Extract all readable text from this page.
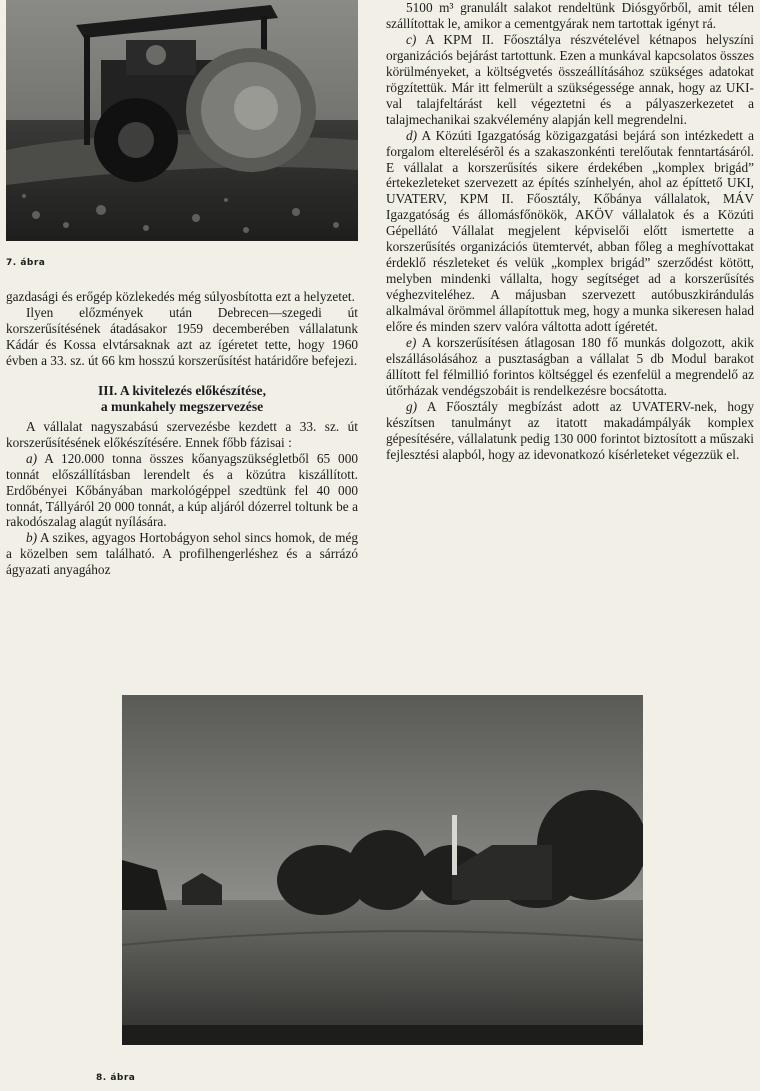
7. ábra

gazdasági és erőgép közlekedés még súlyosbította ezt a helyzetet.

Ilyen előzmények után Debrecen—szegedi út korszerűsítésének átadásakor 1959 decemberében vállalatunk Kádár és Kossa elvtársaknak azt az ígéretet tette, hogy 1960 évben a 33. sz. út 66 km hosszú korszerűsítést határidőre befejezi.

III. A kivitelezés előkészítése,
a munkahely megszervezése

A vállalat nagyszabású szervezésbe kezdett a 33. sz. út korszerűsítésének előkészítésére. Ennek főbb fázisai :

a) A 120.000 tonna összes kőanyagszükségletből 65 000 tonnát előszállításban lerendelt és a közútra kiszállított. Erdőbényei Kőbányában markológéppel szedtünk fel 40 000 tonnát, Tállyáról 20 000 tonnát, a kúp aljáról dózerrel toltunk be a rakodószalag alagút nyílására.

b) A szikes, agyagos Hortobágyon sehol sincs homok, de még a közelben sem található. A profilhengerléshez és a sárrázó ágyazati anyagához

5100 m³ granulált salakot rendeltünk Diósgyőrből, amit télen szállítottak le, amikor a cementgyárak nem tartottak igényt rá.

c) A KPM II. Főosztálya részvételével kétnapos helyszíni organizációs bejárást tartottunk. Ezen a munkával kapcsolatos összes körülményeket, a költségvetés összeállításához szükséges adatokat rögzítettük. Már itt felmerült a szükségessége annak, hogy az UKI-val talajfeltárást kell végeztetni és a pályaszerkezetet a talajmechanikai szakvélemény alapján kell megrendelni.

d) A Közúti Igazgatóság közigazgatási bejárá son intézkedett a forgalom elterelésérõl és a szakaszonkénti terelőutak fenntartásáról. E vállalat a korszerűsítés sikere érdekében „komplex brigád” értekezleteket szervezett az építés színhelyén, ahol az építtető UKI, UVATERV, KPM II. Főosztály, Kőbánya vállalatok, MÁV Igazgatóság és állomásfőnökök, AKÖV vállalatok és a Közúti Gépellátó Vállalat megjelent képviselői előtt ismertette a korszerűsítés organizációs ütemtervét, abban főleg a meghívottakat érdeklő részleteket és velük „komplex brigád” szerződést kötött, melyben mindenki vállalta, hogy segítséget ad a korszerűsítés véghezviteléhez. A májusban szervezett autóbuszkirándulás alkalmával örömmel állapítottuk meg, hogy a munka sikeresen halad előre és minden szerv valóra váltotta adott ígéretét.

e) A korszerűsítésen átlagosan 180 fő munkás dolgozott, akik elszállásolásához a pusztaságban a vállalat 5 db Modul barakot állított fel félmillió forintos költséggel és ezenfelül a megrendelő az útőrházak vendégszobáit is rendelkezésre bocsátotta.

g) A Főosztály megbízást adott az UVATERV-nek, hogy készítsen tanulmányt az itatott makadámpályák komplex gépesítésére, vállalatunk pedig 130 000 forintot biztosított a műszaki fejlesztési alapból, hogy az idevonatkozó kísérleteket végezzük el.

8. ábra
